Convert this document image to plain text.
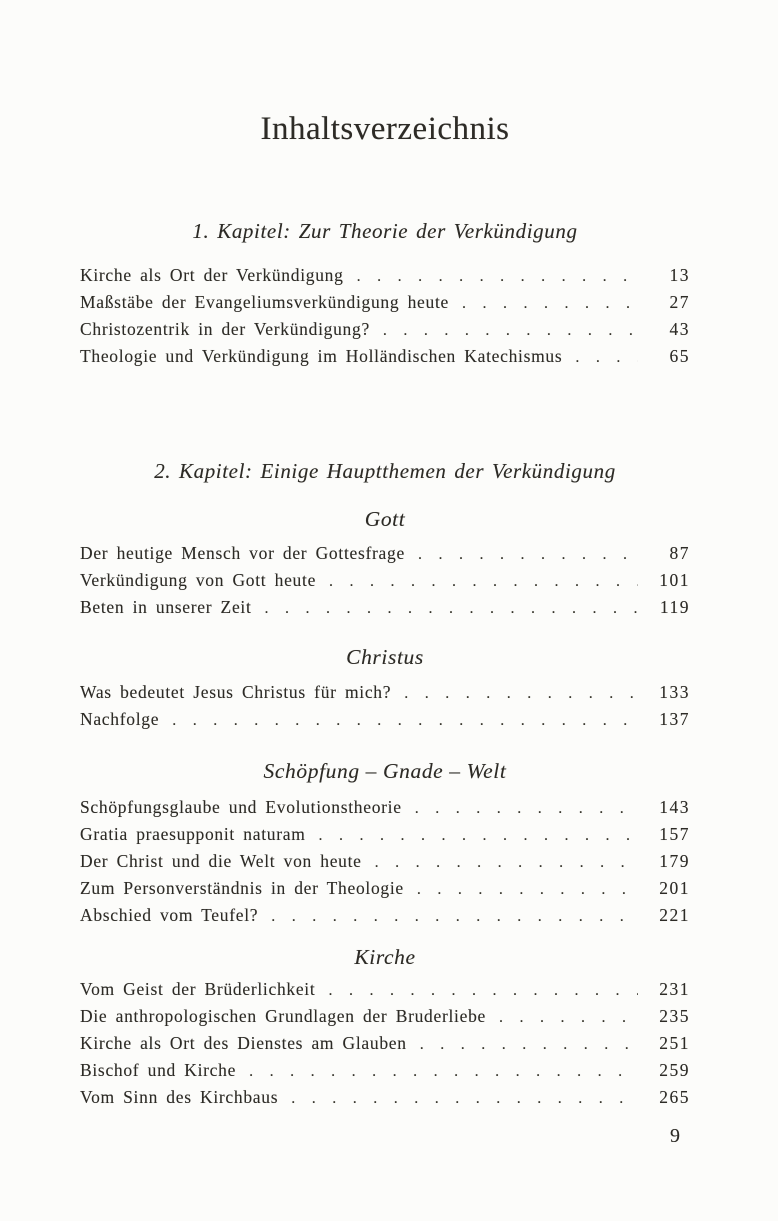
Inhaltsverzeichnis
1. Kapitel: Zur Theorie der Verkündigung
Kirche als Ort der Verkündigung .....	13
Maßstäbe der Evangeliumsverkündigung heute .....	27
Christozentrik in der Verkündigung? .....	43
Theologie und Verkündigung im Holländischen Katechismus .....	65
2. Kapitel: Einige Hauptthemen der Verkündigung
Gott
Der heutige Mensch vor der Gottesfrage .....	87
Verkündigung von Gott heute .....	101
Beten in unserer Zeit .....	119
Christus
Was bedeutet Jesus Christus für mich? .....	133
Nachfolge .....	137
Schöpfung – Gnade – Welt
Schöpfungsglaube und Evolutionstheorie .....	143
Gratia praesupponit naturam .....	157
Der Christ und die Welt von heute .....	179
Zum Personverständnis in der Theologie .....	201
Abschied vom Teufel? .....	221
Kirche
Vom Geist der Brüderlichkeit .....	231
Die anthropologischen Grundlagen der Bruderliebe .....	235
Kirche als Ort des Dienstes am Glauben .....	251
Bischof und Kirche .....	259
Vom Sinn des Kirchbaus .....	265
9
